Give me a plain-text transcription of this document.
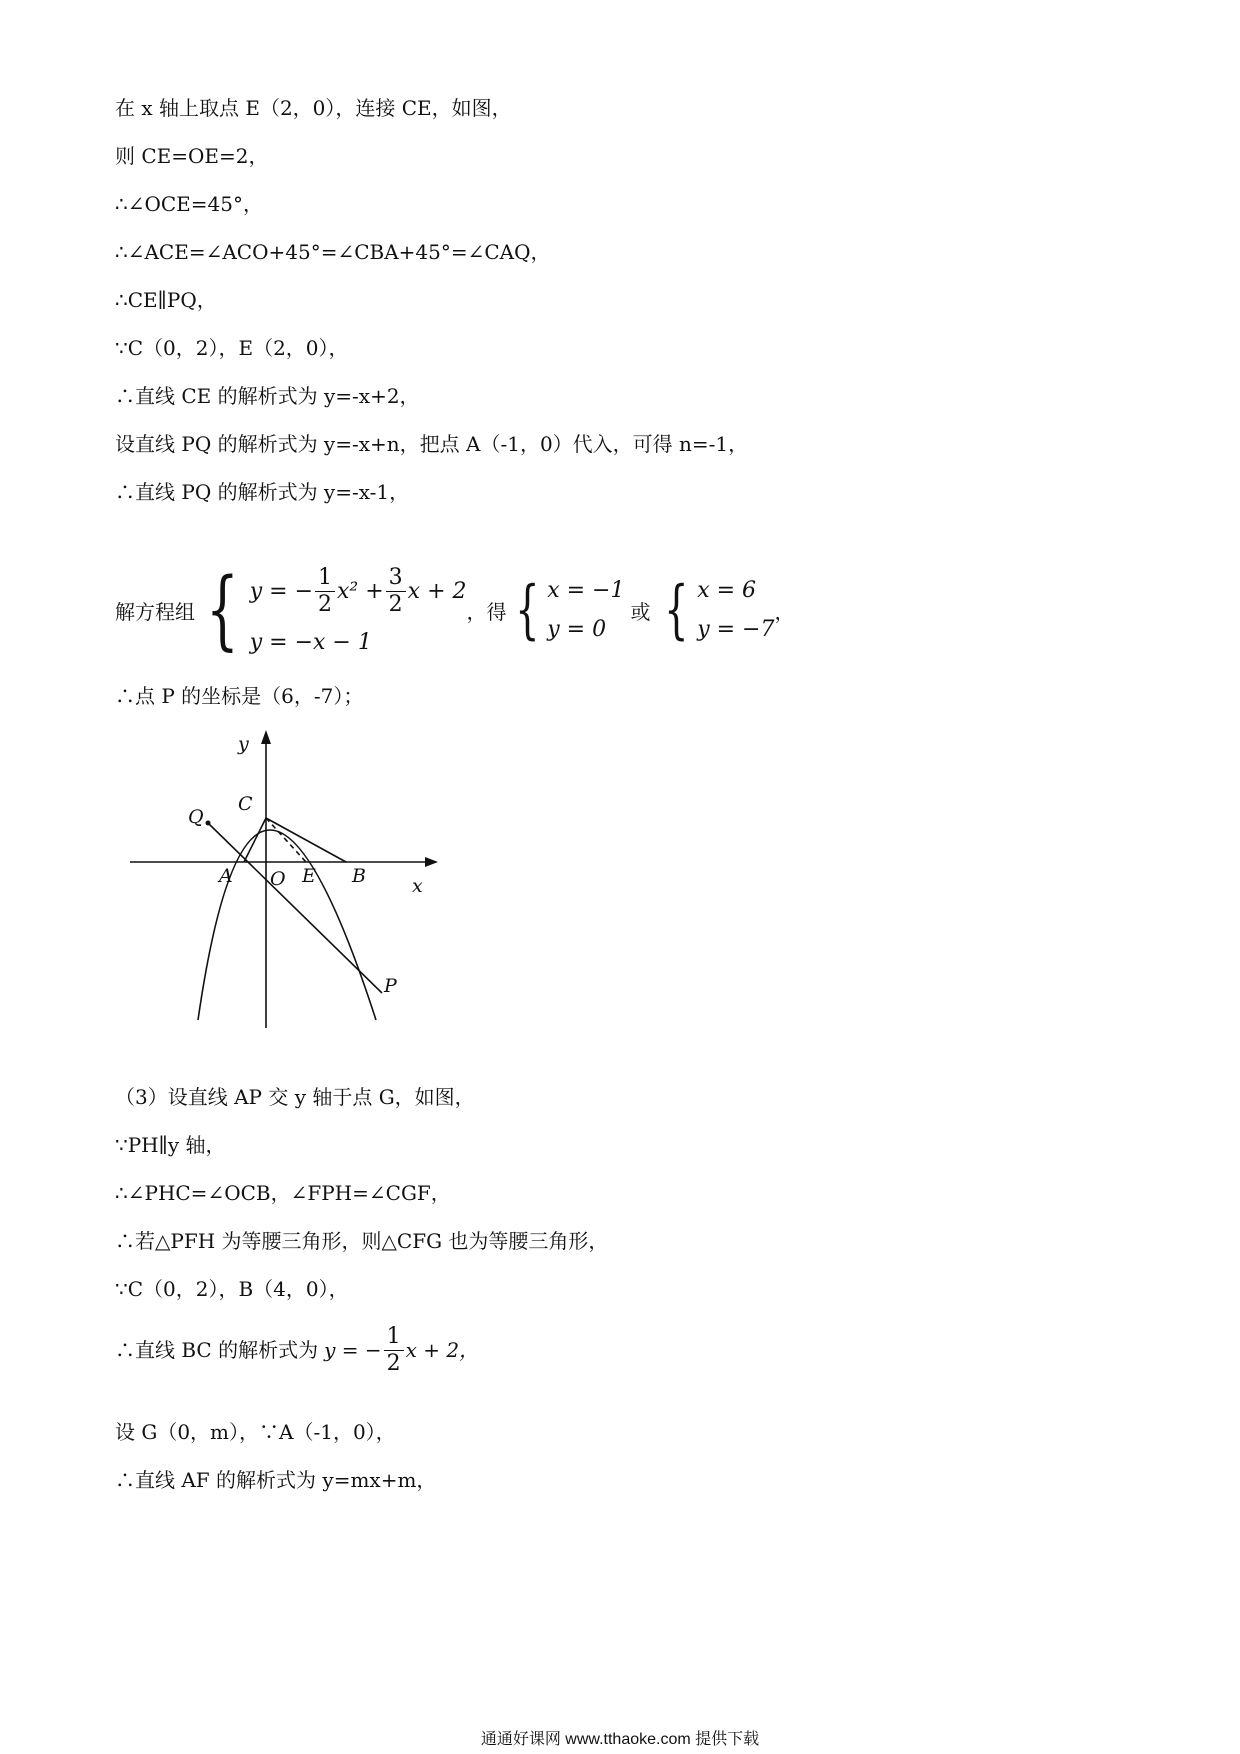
在 x 轴上取点 E（2，0），连接 CE，如图，
则 CE=OE=2，
∴∠OCE=45°，
∴∠ACE=∠ACO+45°=∠CBA+45°=∠CAQ，
∴CE∥PQ，
∵C（0，2），E（2，0），
∴直线 CE 的解析式为 y=-x+2，
设直线 PQ 的解析式为 y=-x+n，把点 A（-1，0）代入，可得 n=-1，
∴直线 PQ 的解析式为 y=-x-1，
解方程组 { y = − $\frac{1}{2} x^2 + \frac{3}{2}$ x + 2
y = −x − 1
，得 { x = −1
y = 0
或 { x = 6
y = −7
，
∴点 P 的坐标是（6，-7）；
y
x
C
Q
A O E B
P
（3）设直线 AP 交 y 轴于点 G，如图，
∵PH∥y 轴，
∴∠PHC=∠OCB，∠FPH=∠CGF，
∴若△PFH 为等腰三角形，则△CFG 也为等腰三角形，
∵C（0，2），B（4，0），
∴直线 BC 的解析式为 y = − $\frac{1}{2}$ x + 2，
设 G（0，m），∵A（-1，0），
∴直线 AF 的解析式为 y=mx+m，
通通好课网 www.tthaoke.com 提供下载
